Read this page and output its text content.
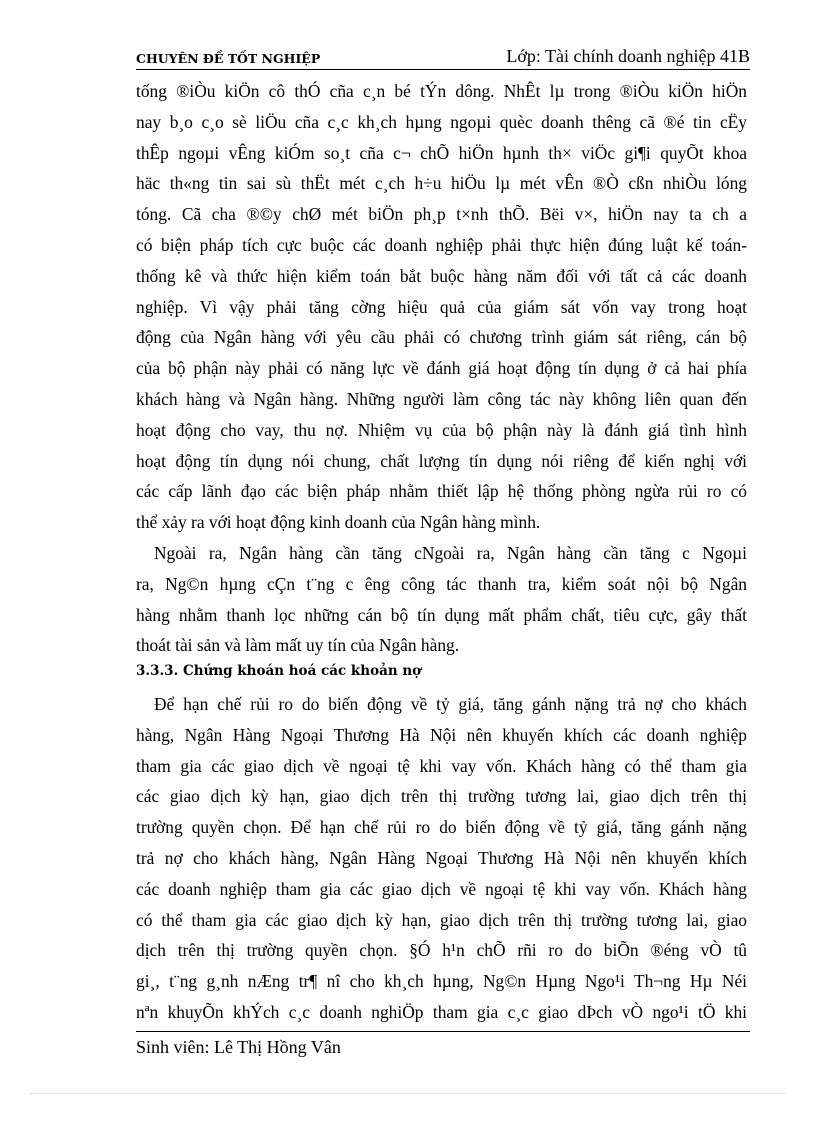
CHUYÊN ĐỀ TỐT NGHIỆP	Lớp: Tài chính doanh nghiệp 41B
tống ®iÒu kiÖn cô thÓ cña c¸n bé tÝn dông. NhÊt lµ trong ®iÒu kiÖn hiÖn
nay b¸o c¸o sè liÖu cña c¸c kh¸ch hµng ngoµi quèc doanh thêng cã ®é tin cËy
thÊp ngoµi vÊng kiÓm so¸t cña c¬ chÕ hiÖn hµnh th× viÖc gi¶i quyÕt khoa
häc th«ng tin sai sù thËt mét c¸ch h÷u hiÖu lµ mét vÊn ®Ò cßn nhiÒu lóng
tóng. Cã cha ®©y chØ mét biÖn ph¸p t×nh thÕ. Bëi v×, hiÖn nay ta ch a
có biện pháp tích cực buộc các doanh nghiệp phải thực hiện đúng luật kế toán-
thống kê và thức hiện kiểm toán bắt buộc hàng năm đối với tất cả các doanh
nghiệp. Vì vậy phải tăng cờng hiệu quả của giám sát vốn vay trong hoạt
động của Ngân hàng với yêu cầu phải có chương trình giám sát riêng, cán bộ
của bộ phận này phải có năng lực về đánh giá hoạt động tín dụng ở cả hai phía
khách hàng và Ngân hàng. Những người làm công tác này không liên quan đến
hoạt động cho vay, thu nợ. Nhiệm vụ của bộ phận này là đánh giá tình hình
hoạt động tín dụng nói chung, chất lượng tín dụng nói riêng để kiến nghị với
các cấp lãnh đạo các biện pháp nhằm thiết lập hệ thống phòng ngừa rủi ro có
thể xảy ra với hoạt động kinh doanh của Ngân hàng mình.
Ngoài ra, Ngân hàng cần tăng cNgoài ra, Ngân hàng cần tăng c Ngoµi
ra, Ng©n hµng cÇn t¨ng c êng công tác thanh tra, kiểm soát nội bộ Ngân
hàng nhằm thanh lọc những cán bộ tín dụng mất phẩm chất, tiêu cực, gây thất
thoát tài sản và làm mất uy tín của Ngân hàng.
3.3.3. Chứng khoán hoá các khoản nợ
Để hạn chế rủi ro do biến động về tỷ giá, tăng gánh nặng trả nợ cho khách
hàng, Ngân Hàng Ngoại Thương Hà Nội nên khuyến khích các doanh nghiệp
tham gia các giao dịch về ngoại tệ khi vay vốn. Khách hàng có thể tham gia
các giao dịch kỳ hạn, giao dịch trên thị trường tương lai, giao dịch trên thị
trường quyền chọn. Để hạn chế rủi ro do biến động về tỷ giá, tăng gánh nặng
trả nợ cho khách hàng, Ngân Hàng Ngoại Thương Hà Nội nên khuyến khích
các doanh nghiệp tham gia các giao dịch về ngoại tệ khi vay vốn. Khách hàng
có thể tham gia các giao dịch kỳ hạn, giao dịch trên thị trường tương lai, giao
dịch trên thị trường quyền chọn. §Ó h¹n chÕ rñi ro do biÕn ®éng vÒ tû
gi¸, t¨ng g¸nh nÆng tr¶ nî cho kh¸ch hµng, Ng©n Hµng Ngo¹i Th¬ng Hµ Néi
nªn khuyÕn khÝch c¸c doanh nghiÖp tham gia c¸c giao dÞch vÒ ngo¹i tÖ khi
Sinh viên: Lê Thị Hồng Vân
